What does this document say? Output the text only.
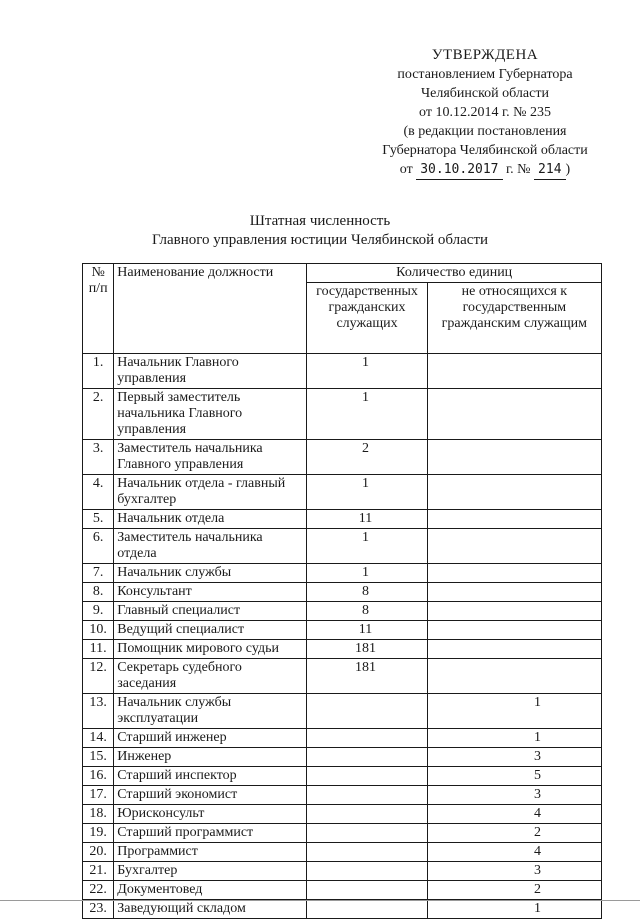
УТВЕРЖДЕНА
постановлением Губернатора
Челябинской области
от 10.12.2014 г. № 235
(в редакции постановления
Губернатора Челябинской области
от 30.10.2017 г. № 214 )
Штатная численность
Главного управления юстиции Челябинской области
№ п/п	Наименование должности	Количество единиц	
		государственных гражданских служащих	не относящихся к государственным гражданским служащим
1.	Начальник Главного управления	1	
2.	Первый заместитель начальника Главного управления	1	
3.	Заместитель начальника Главного управления	2	
4.	Начальник отдела - главный бухгалтер	1	
5.	Начальник отдела	11	
6.	Заместитель начальника отдела	1	
7.	Начальник службы	1	
8.	Консультант	8	
9.	Главный специалист	8	
10.	Ведущий специалист	11	
11.	Помощник мирового судьи	181	
12.	Секретарь судебного заседания	181	
13.	Начальник службы эксплуатации		1
14.	Старший инженер		1
15.	Инженер		3
16.	Старший инспектор		5
17.	Старший экономист		3
18.	Юрисконсульт		4
19.	Старший программист		2
20.	Программист		4
21.	Бухгалтер		3
22.	Документовед		2
23.	Заведующий складом		1
